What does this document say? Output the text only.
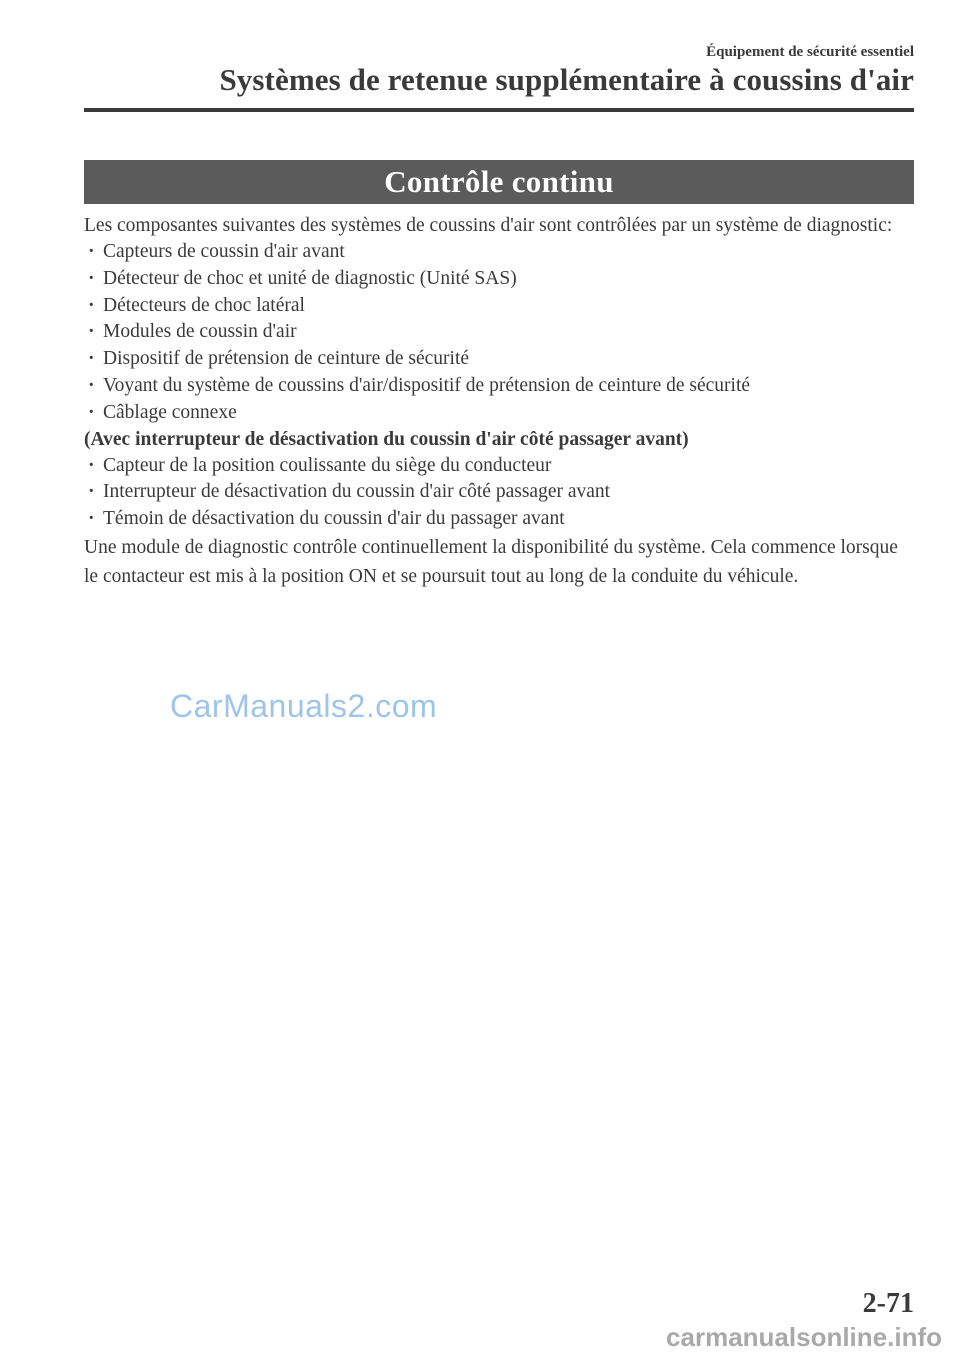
Équipement de sécurité essentiel
Systèmes de retenue supplémentaire à coussins d'air
Contrôle continu

Les composantes suivantes des systèmes de coussins d'air sont contrôlées par un système de diagnostic:

· Capteurs de coussin d'air avant
· Détecteur de choc et unité de diagnostic (Unité SAS)
· Détecteurs de choc latéral
· Modules de coussin d'air
· Dispositif de prétension de ceinture de sécurité
· Voyant du système de coussins d'air/dispositif de prétension de ceinture de sécurité
· Câblage connexe

(Avec interrupteur de désactivation du coussin d'air côté passager avant)

· Capteur de la position coulissante du siège du conducteur
· Interrupteur de désactivation du coussin d'air côté passager avant
· Témoin de désactivation du coussin d'air du passager avant

Une module de diagnostic contrôle continuellement la disponibilité du système. Cela commence lorsque le contacteur est mis à la position ON et se poursuit tout au long de la conduite du véhicule.

CarManuals2.com
2-71
carmanualsonline.info
